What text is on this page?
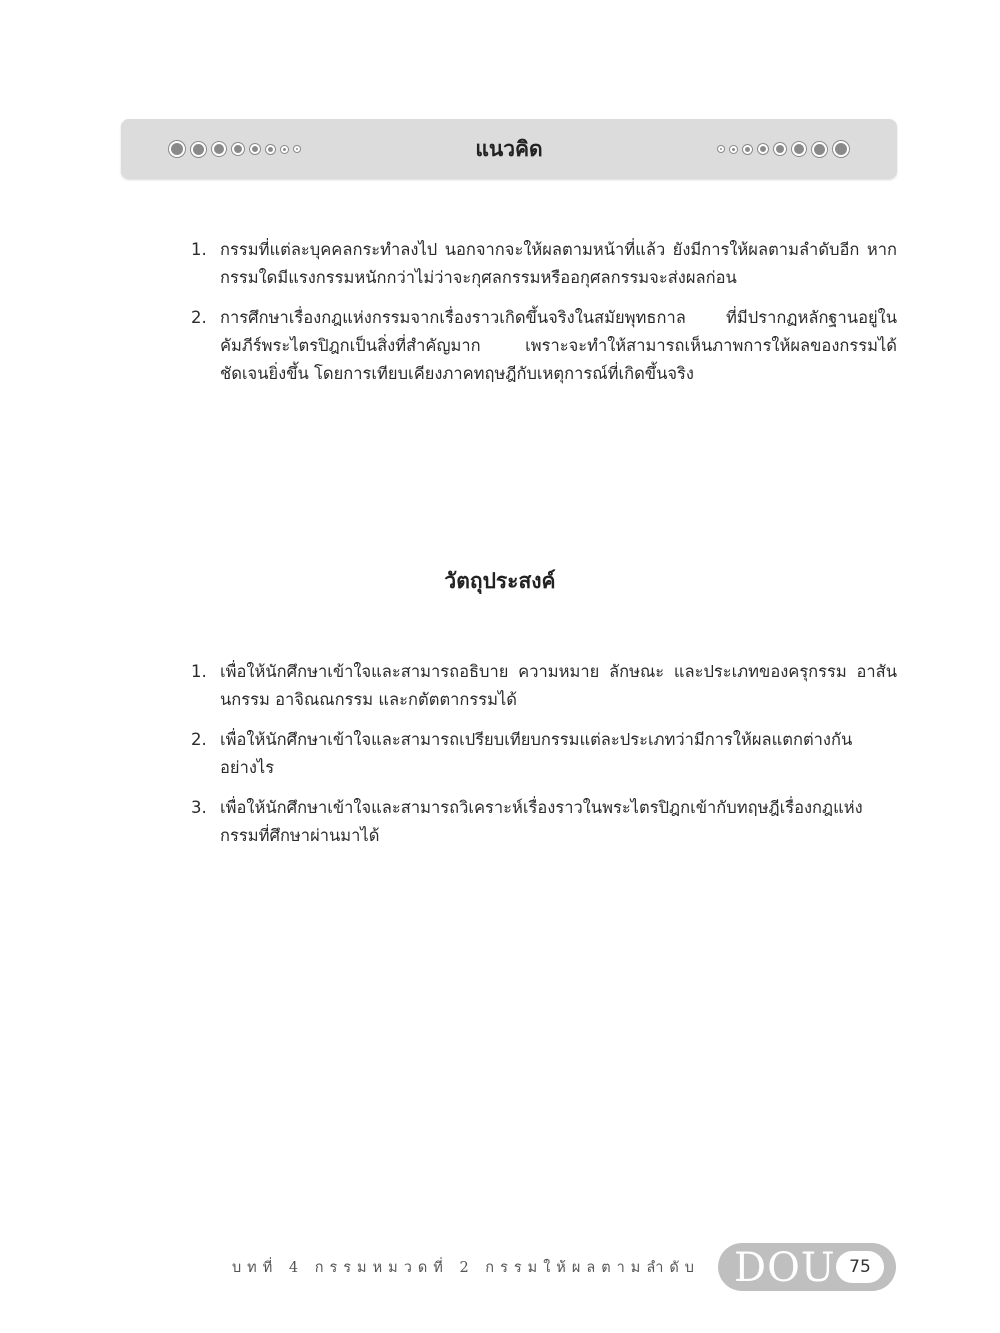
แนวคิด
1. กรรมที่แต่ละบุคคลกระทำลงไป นอกจากจะให้ผลตามหน้าที่แล้ว ยังมีการให้ผลตามลำดับอีก หากกรรมใดมีแรงกรรมหนักกว่าไม่ว่าจะกุศลกรรมหรืออกุศลกรรมจะส่งผลก่อน
2. การศึกษาเรื่องกฎแห่งกรรมจากเรื่องราวเกิดขึ้นจริงในสมัยพุทธกาล ที่มีปรากฏหลักฐานอยู่ในคัมภีร์พระไตรปิฎกเป็นสิ่งที่สำคัญมาก เพราะจะทำให้สามารถเห็นภาพการให้ผลของกรรมได้ชัดเจนยิ่งขึ้น โดยการเทียบเคียงภาคทฤษฎีกับเหตุการณ์ที่เกิดขึ้นจริง
วัตถุประสงค์
1. เพื่อให้นักศึกษาเข้าใจและสามารถอธิบาย ความหมาย ลักษณะ และประเภทของครุกรรม อาสันนกรรม อาจิณณกรรม และกตัตตากรรมได้
2. เพื่อให้นักศึกษาเข้าใจและสามารถเปรียบเทียบกรรมแต่ละประเภทว่ามีการให้ผลแตกต่างกันอย่างไร
3. เพื่อให้นักศึกษาเข้าใจและสามารถวิเคราะห์เรื่องราวในพระไตรปิฎกเข้ากับทฤษฎีเรื่องกฎแห่งกรรมที่ศึกษาผ่านมาได้
บทที่ 4 กรรมหมวดที่ 2 กรรมให้ผลตามลำดับ DOU 75
